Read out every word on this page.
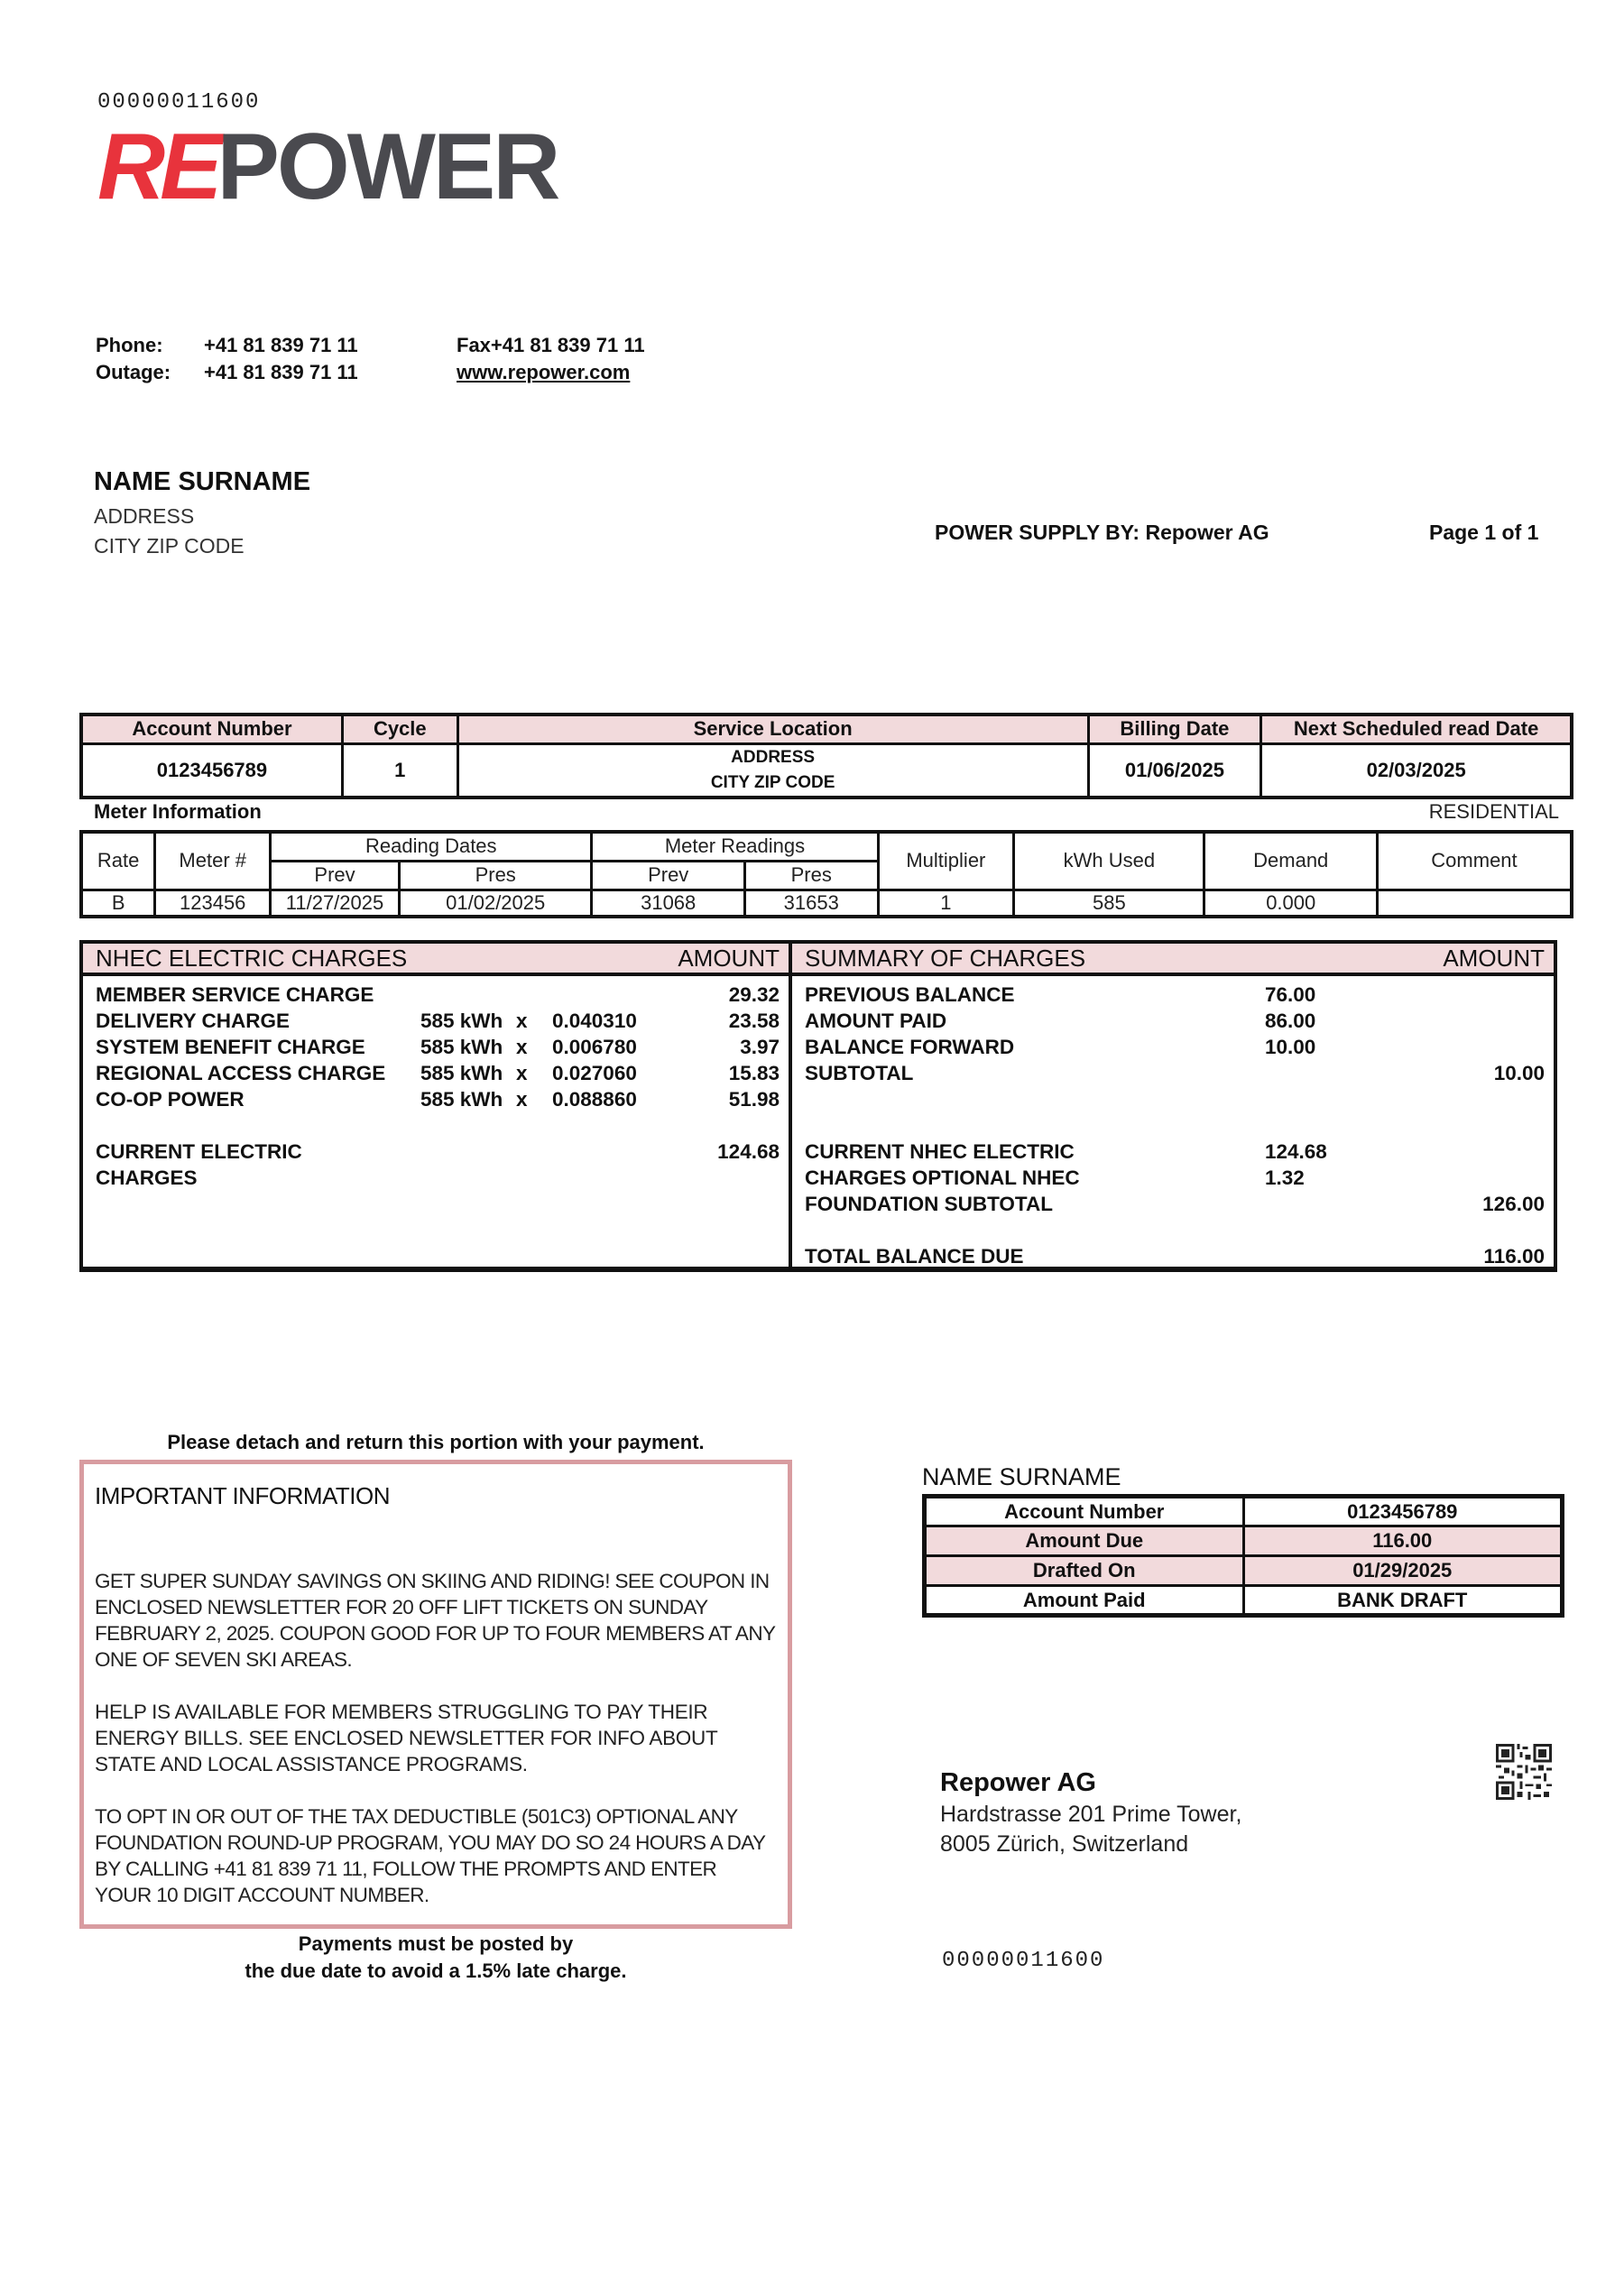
00000011600
RE POWER
Phone:	+41 81 839 71 11
Outage:	+41 81 839 71 11
Fax+41 81 839 71 11
www.repower.com
NAME SURNAME
ADDRESS
CITY ZIP CODE
POWER SUPPLY BY: Repower AG	Page 1 of 1
Account Number	Cycle	Service Location	Billing Date	Next Scheduled read Date
0123456789	1	ADDRESS
CITY ZIP CODE	01/06/2025	02/03/2025
Meter Information	RESIDENTIAL
Rate	Meter #	Reading Dates		Meter Readings		Multiplier	kWh Used	Demand	Comment
		Prev	Pres	Prev	Pres				
B	123456	11/27/2025	01/02/2025	31068	31653	1	585	0.000	
NHEC ELECTRIC CHARGES	AMOUNT
MEMBER SERVICE CHARGE	29.32
DELIVERY CHARGE	585 kWh x	0.040310	23.58
SYSTEM BENEFIT CHARGE	585 kWh x	0.006780	3.97
REGIONAL ACCESS CHARGE	585 kWh x	0.027060	15.83
CO-OP POWER	585 kWh x	0.088860	51.98
CURRENT ELECTRIC	124.68
CHARGES
SUMMARY OF CHARGES	AMOUNT
PREVIOUS BALANCE	76.00
AMOUNT PAID	86.00
BALANCE FORWARD	10.00
SUBTOTAL	10.00
CURRENT NHEC ELECTRIC	124.68
CHARGES OPTIONAL NHEC	1.32
FOUNDATION SUBTOTAL	126.00
TOTAL BALANCE DUE	116.00
Please detach and return this portion with your payment.
IMPORTANT INFORMATION

GET SUPER SUNDAY SAVINGS ON SKIING AND RIDING! SEE COUPON IN ENCLOSED NEWSLETTER FOR 20 OFF LIFT TICKETS ON SUNDAY FEBRUARY 2, 2025. COUPON GOOD FOR UP TO FOUR MEMBERS AT ANY ONE OF SEVEN SKI AREAS.

HELP IS AVAILABLE FOR MEMBERS STRUGGLING TO PAY THEIR ENERGY BILLS. SEE ENCLOSED NEWSLETTER FOR INFO ABOUT STATE AND LOCAL ASSISTANCE PROGRAMS.

TO OPT IN OR OUT OF THE TAX DEDUCTIBLE (501C3) OPTIONAL ANY FOUNDATION ROUND-UP PROGRAM, YOU MAY DO SO 24 HOURS A DAY BY CALLING +41 81 839 71 11, FOLLOW THE PROMPTS AND ENTER YOUR 10 DIGIT ACCOUNT NUMBER.

Payments must be posted by
the due date to avoid a 1.5% late charge.
NAME SURNAME
Account Number	0123456789
Amount Due	116.00
Drafted On	01/29/2025
Amount Paid	BANK DRAFT
Repower AG
Hardstrasse 201 Prime Tower,
8005 Zürich, Switzerland
00000011600
